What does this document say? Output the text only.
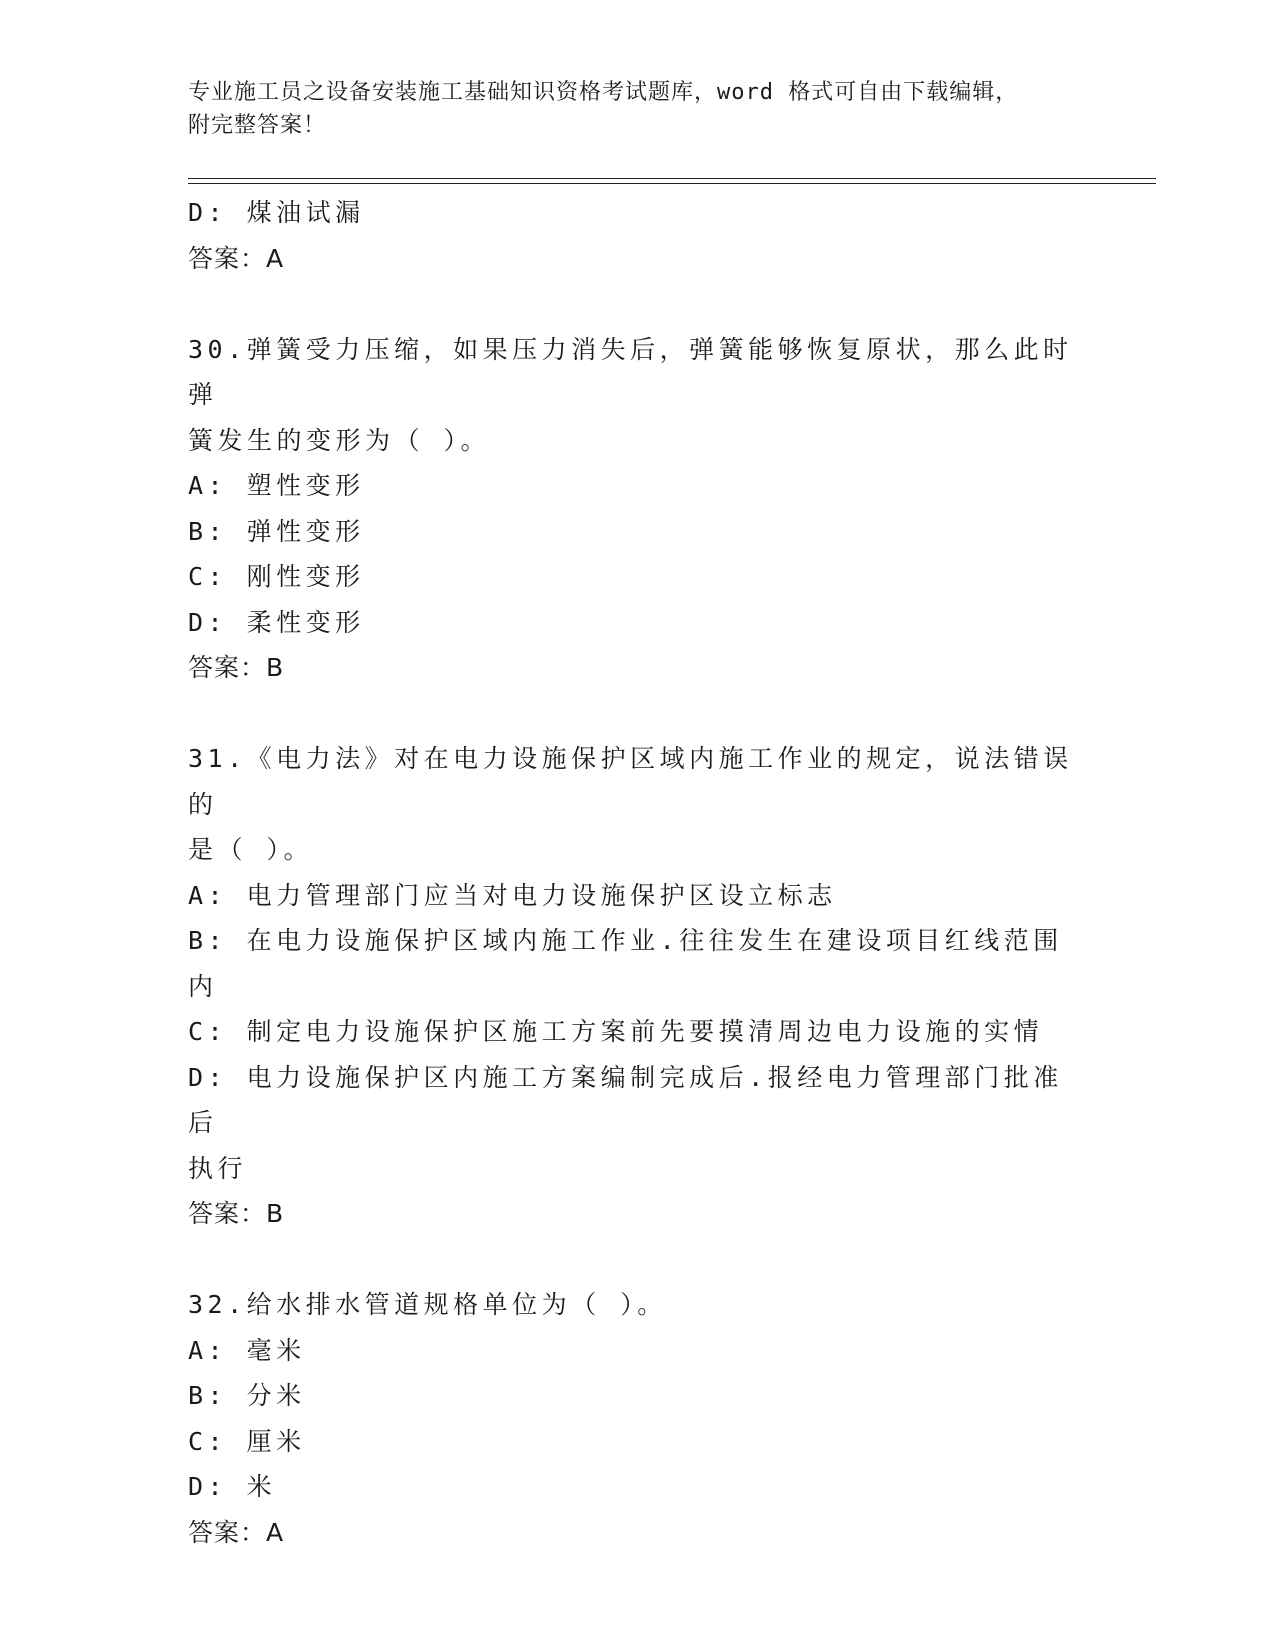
专业施工员之设备安装施工基础知识资格考试题库，word 格式可自由下载编辑，
附完整答案！
D: 煤油试漏
答案：A
30.弹簧受力压缩，如果压力消失后，弹簧能够恢复原状，那么此时弹
簧发生的变形为（ ）。
A: 塑性变形
B: 弹性变形
C: 刚性变形
D: 柔性变形
答案：B
31.《电力法》对在电力设施保护区域内施工作业的规定，说法错误的
是（ ）。
A: 电力管理部门应当对电力设施保护区设立标志
B: 在电力设施保护区域内施工作业.往往发生在建设项目红线范围内
C: 制定电力设施保护区施工方案前先要摸清周边电力设施的实情
D: 电力设施保护区内施工方案编制完成后.报经电力管理部门批准后
执行
答案：B
32.给水排水管道规格单位为（ ）。
A: 毫米
B: 分米
C: 厘米
D: 米
答案：A
